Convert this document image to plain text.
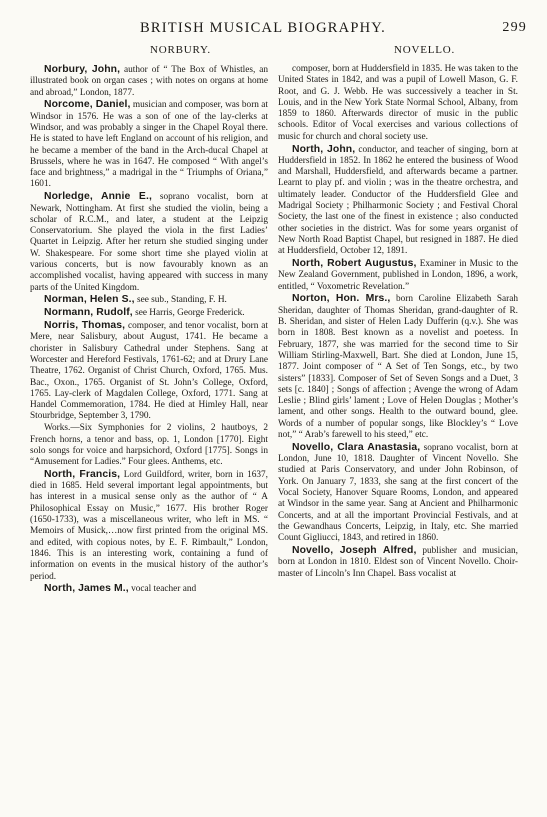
BRITISH MUSICAL BIOGRAPHY.	299
NORBURY.	NOVELLO.

Norbury, John, author of “ The Box of Whistles, an illustrated book on organ cases ; with notes on organs at home and abroad,” London, 1877.

Norcome, Daniel, musician and composer, was born at Windsor in 1576. He was a son of one of the lay-clerks at Windsor, and was probably a singer in the Chapel Royal there. He is stated to have left England on account of his religion, and he became a member of the band in the Arch-ducal Chapel at Brussels, where he was in 1647. He composed “ With angel’s face and brightness,” a madrigal in the “ Triumphs of Oriana,” 1601.

Norledge, Annie E., soprano vocalist, born at Newark, Nottingham. At first she studied the violin, being a scholar of R.C.M., and later, a student at the Leipzig Conservatorium. She played the viola in the first Ladies’ Quartet in Leipzig. After her return she studied singing under W. Shakespeare. For some short time she played violin at various concerts, but is now favourably known as an accomplished vocalist, having appeared with success in many parts of the United Kingdom.

Norman, Helen S., see sub., Standing, F. H.

Normann, Rudolf, see Harris, George Frederick.

Norris, Thomas, composer, and tenor vocalist, born at Mere, near Salisbury, about August, 1741. He became a chorister in Salisbury Cathedral under Stephens. Sang at Worcester and Hereford Festivals, 1761-62; and at Drury Lane Theatre, 1762. Organist of Christ Church, Oxford, 1765. Mus. Bac., Oxon., 1765. Organist of St. John’s College, Oxford, 1765. Lay-clerk of Magdalen College, Oxford, 1771. Sang at Handel Commemoration, 1784. He died at Himley Hall, near Stourbridge, September 3, 1790.

Works.—Six Symphonies for 2 violins, 2 hautboys, 2 French horns, a tenor and bass, op. 1, London [1770]. Eight solo songs for voice and harpsichord, Oxford [1775]. Songs in “Amusement for Ladies.” Four glees. Anthems, etc.

North, Francis, Lord Guildford, writer, born in 1637, died in 1685. Held several important legal appointments, but has interest in a musical sense only as the author of “ A Philosophical Essay on Music,” 1677. His brother Roger (1650-1733), was a miscellaneous writer, who left in MS. “ Memoirs of Musick,…now first printed from the original MS. and edited, with copious notes, by E. F. Rimbault,” London, 1846. This is an interesting work, containing a fund of information on events in the musical history of the author’s period.

North, James M., vocal teacher and

composer, born at Huddersfield in 1835. He was taken to the United States in 1842, and was a pupil of Lowell Mason, G. F. Root, and G. J. Webb. He was successively a teacher in St. Louis, and in the New York State Normal School, Albany, from 1859 to 1860. Afterwards director of music in the public schools. Editor of Vocal exercises and various collections of music for church and choral society use.

North, John, conductor, and teacher of singing, born at Huddersfield in 1852. In 1862 he entered the business of Wood and Marshall, Huddersfield, and afterwards became a partner. Learnt to play pf. and violin ; was in the theatre orchestra, and ultimately leader. Conductor of the Huddersfield Glee and Madrigal Society ; Philharmonic Society ; and Festival Choral Society, the last one of the finest in existence ; also conducted other societies in the district. Was for some years organist of New North Road Baptist Chapel, but resigned in 1887. He died at Huddersfield, October 12, 1891.

North, Robert Augustus, Examiner in Music to the New Zealand Government, published in London, 1896, a work, entitled, “ Voxometric Revelation.”

Norton, Hon. Mrs., born Caroline Elizabeth Sarah Sheridan, daughter of Thomas Sheridan, grand-daughter of R. B. Sheridan, and sister of Helen Lady Dufferin (q.v.). She was born in 1808. Best known as a novelist and poetess. In February, 1877, she was married for the second time to Sir William Stirling-Maxwell, Bart. She died at London, June 15, 1877. Joint composer of “ A Set of Ten Songs, etc., by two sisters” [1833]. Composer of Set of Seven Songs and a Duet, 3 sets [c. 1840] ; Songs of affection ; Avenge the wrong of Adam Leslie ; Blind girls’ lament ; Love of Helen Douglas ; Mother’s lament, and other songs. Health to the outward bound, glee. Words of a number of popular songs, like Blockley’s “ Love not,” “ Arab’s farewell to his steed,” etc.

Novello, Clara Anastasia, soprano vocalist, born at London, June 10, 1818. Daughter of Vincent Novello. She studied at Paris Conservatory, and under John Robinson, of York. On January 7, 1833, she sang at the first concert of the Vocal Society, Hanover Square Rooms, London, and appeared at Windsor in the same year. Sang at Ancient and Philharmonic Concerts, and at all the important Provincial Festivals, and at the Gewandhaus Concerts, Leipzig, in Italy, etc. She married Count Gigliucci, 1843, and retired in 1860.

Novello, Joseph Alfred, publisher and musician, born at London in 1810. Eldest son of Vincent Novello. Choir-master of Lincoln’s Inn Chapel. Bass vocalist at
